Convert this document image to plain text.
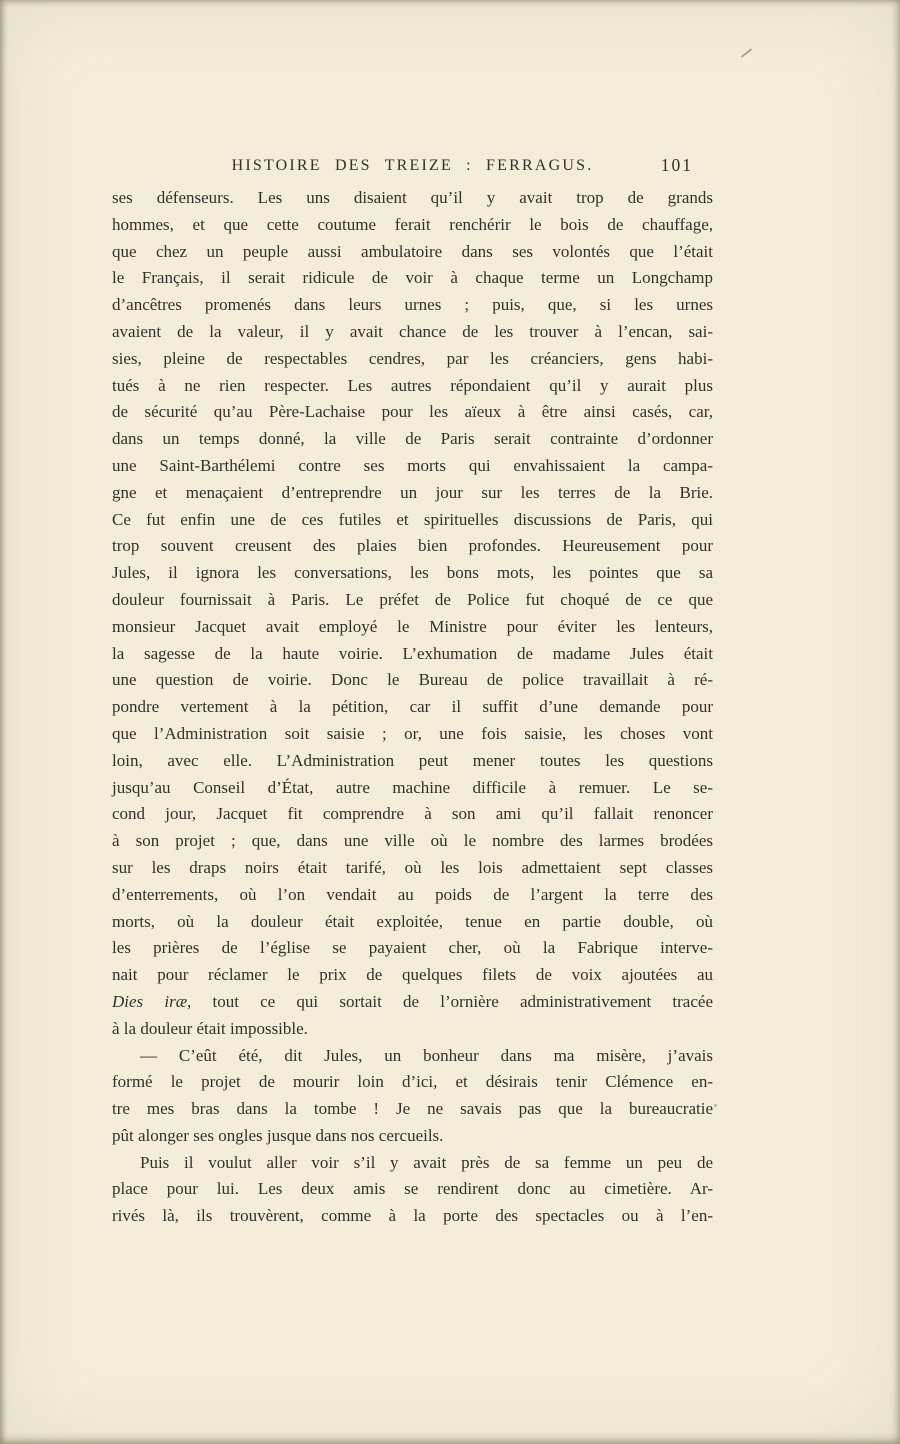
HISTOIRE DES TREIZE : FERRAGUS.	101
ses défenseurs. Les uns disaient qu’il y avait trop de grands
hommes, et que cette coutume ferait renchérir le bois de chauffage,
que chez un peuple aussi ambulatoire dans ses volontés que l’était
le Français, il serait ridicule de voir à chaque terme un Longchamp
d’ancêtres promenés dans leurs urnes ; puis, que, si les urnes
avaient de la valeur, il y avait chance de les trouver à l’encan, sai-
sies, pleine de respectables cendres, par les créanciers, gens habi-
tués à ne rien respecter. Les autres répondaient qu’il y aurait plus
de sécurité qu’au Père-Lachaise pour les aïeux à être ainsi casés, car,
dans un temps donné, la ville de Paris serait contrainte d’ordonner
une Saint-Barthélemi contre ses morts qui envahissaient la campa-
gne et menaçaient d’entreprendre un jour sur les terres de la Brie.
Ce fut enfin une de ces futiles et spirituelles discussions de Paris, qui
trop souvent creusent des plaies bien profondes. Heureusement pour
Jules, il ignora les conversations, les bons mots, les pointes que sa
douleur fournissait à Paris. Le préfet de Police fut choqué de ce que
monsieur Jacquet avait employé le Ministre pour éviter les lenteurs,
la sagesse de la haute voirie. L’exhumation de madame Jules était
une question de voirie. Donc le Bureau de police travaillait à ré-
pondre vertement à la pétition, car il suffit d’une demande pour
que l’Administration soit saisie ; or, une fois saisie, les choses vont
loin, avec elle. L’Administration peut mener toutes les questions
jusqu’au Conseil d’État, autre machine difficile à remuer. Le se-
cond jour, Jacquet fit comprendre à son ami qu’il fallait renoncer
à son projet ; que, dans une ville où le nombre des larmes brodées
sur les draps noirs était tarifé, où les lois admettaient sept classes
d’enterrements, où l’on vendait au poids de l’argent la terre des
morts, où la douleur était exploitée, tenue en partie double, où
les prières de l’église se payaient cher, où la Fabrique interve-
nait pour réclamer le prix de quelques filets de voix ajoutées au
Dies iræ, tout ce qui sortait de l’ornière administrativement tracée
à la douleur était impossible.
— C’eût été, dit Jules, un bonheur dans ma misère, j’avais
formé le projet de mourir loin d’ici, et désirais tenir Clémence en-
tre mes bras dans la tombe ! Je ne savais pas que la bureaucratie
pût alonger ses ongles jusque dans nos cercueils.
Puis il voulut aller voir s’il y avait près de sa femme un peu de
place pour lui. Les deux amis se rendirent donc au cimetière. Ar-
rivés là, ils trouvèrent, comme à la porte des spectacles ou à l’en-
